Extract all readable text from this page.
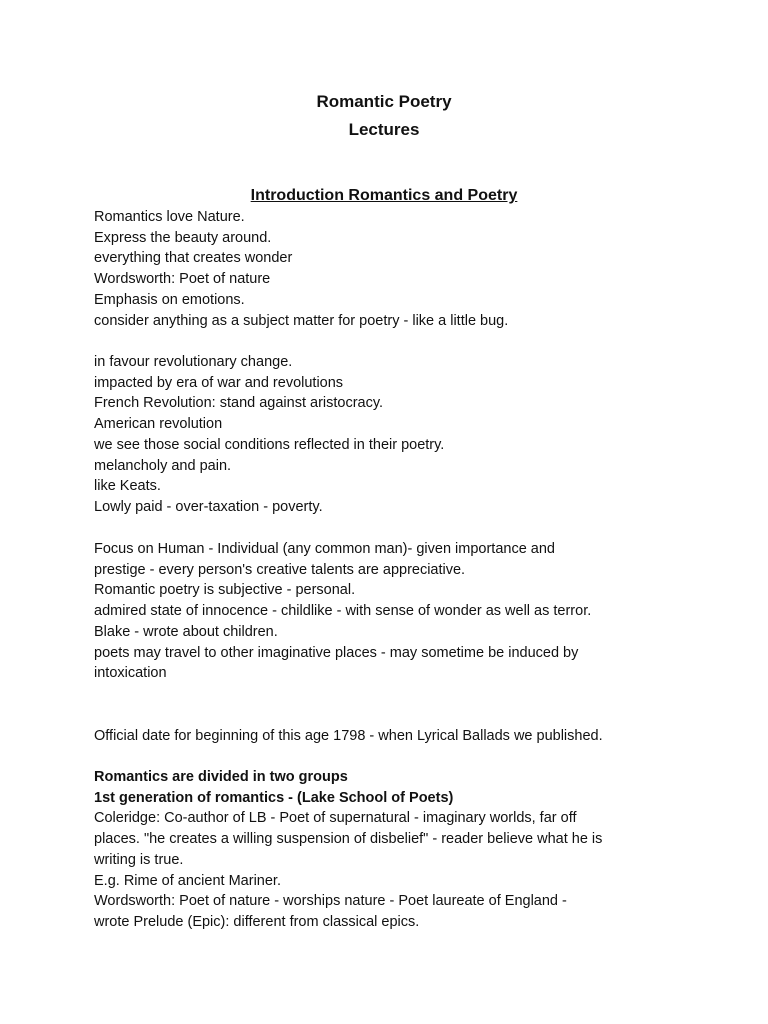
Romantic Poetry
Lectures
Introduction Romantics and Poetry
Romantics love Nature.
Express the beauty around.
everything that creates wonder
Wordsworth: Poet of nature
Emphasis on emotions.
consider anything as a subject matter for poetry - like a little bug.
in favour revolutionary change.
impacted by era of war and revolutions
French Revolution: stand against aristocracy.
American revolution
we see those social conditions reflected in their poetry.
melancholy and pain.
like Keats.
Lowly paid - over-taxation - poverty.
Focus on Human - Individual (any common man)- given importance and
prestige - every person's creative talents are appreciative.
Romantic poetry is subjective - personal.
admired state of innocence - childlike - with sense of wonder as well as terror.
Blake - wrote about children.
poets may travel to other imaginative places - may sometime be induced by
intoxication
Official date for beginning of this age 1798 - when Lyrical Ballads we published.
Romantics are divided in two groups
1st generation of romantics - (Lake School of Poets)
Coleridge: Co-author of LB - Poet of supernatural - imaginary worlds, far off
places. "he creates a willing suspension of disbelief" - reader believe what he is
writing is true.
E.g. Rime of ancient Mariner.
Wordsworth: Poet of nature - worships nature - Poet laureate of England -
wrote Prelude (Epic): different from classical epics.
